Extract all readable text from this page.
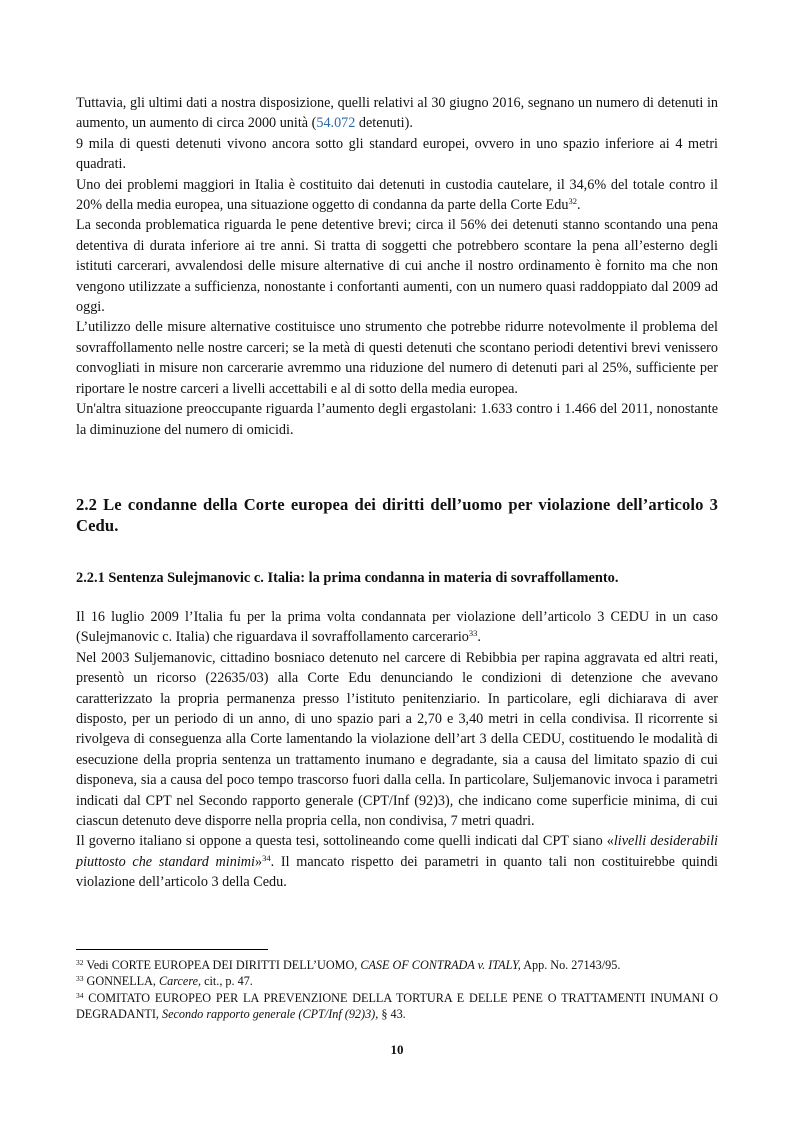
Tuttavia, gli ultimi dati a nostra disposizione, quelli relativi al 30 giugno 2016, segnano un numero di detenuti in aumento, un aumento di circa 2000 unità (54.072 detenuti).

9 mila di questi detenuti vivono ancora sotto gli standard europei, ovvero in uno spazio inferiore ai 4 metri quadrati.

Uno dei problemi maggiori in Italia è costituito dai detenuti in custodia cautelare, il 34,6% del totale contro il 20% della media europea, una situazione oggetto di condanna da parte della Corte Edu$^{32}$.

La seconda problematica riguarda le pene detentive brevi; circa il 56% dei detenuti stanno scontando una pena detentiva di durata inferiore ai tre anni. Si tratta di soggetti che potrebbero scontare la pena all’esterno degli istituti carcerari, avvalendosi delle misure alternative di cui anche il nostro ordinamento è fornito ma che non vengono utilizzate a sufficienza, nonostante i confortanti aumenti, con un numero quasi raddoppiato dal 2009 ad oggi.

L’utilizzo delle misure alternative costituisce uno strumento che potrebbe ridurre notevolmente il problema del sovraffollamento nelle nostre carceri; se la metà di questi detenuti che scontano periodi detentivi brevi venissero convogliati in misure non carcerarie avremmo una riduzione del numero di detenuti pari al 25%, sufficiente per riportare le nostre carceri a livelli accettabili e al di sotto della media europea.

Un'altra situazione preoccupante riguarda l’aumento degli ergastolani: 1.633 contro i 1.466 del 2011, nonostante la diminuzione del numero di omicidi.

2.2 Le condanne della Corte europea dei diritti dell’uomo per violazione dell’articolo 3 Cedu.
2.2.1 Sentenza Sulejmanovic c. Italia: la prima condanna in materia di sovraffollamento.

Il 16 luglio 2009 l’Italia fu per la prima volta condannata per violazione dell’articolo 3 CEDU in un caso (Sulejmanovic c. Italia) che riguardava il sovraffollamento carcerario$^{33}$.

Nel 2003 Suljemanovic, cittadino bosniaco detenuto nel carcere di Rebibbia per rapina aggravata ed altri reati, presentò un ricorso (22635/03) alla Corte Edu denunciando le condizioni di detenzione che avevano caratterizzato la propria permanenza presso l’istituto penitenziario. In particolare, egli dichiarava di aver disposto, per un periodo di un anno, di uno spazio pari a 2,70 e 3,40 metri in cella condivisa. Il ricorrente si rivolgeva di conseguenza alla Corte lamentando la violazione dell’art 3 della CEDU, costituendo le modalità di esecuzione della propria sentenza un trattamento inumano e degradante, sia a causa del limitato spazio di cui disponeva, sia a causa del poco tempo trascorso fuori dalla cella. In particolare, Suljemanovic invoca i parametri indicati dal CPT nel Secondo rapporto generale (CPT/Inf (92)3), che indicano come superficie minima, di cui ciascun detenuto deve disporre nella propria cella, non condivisa, 7 metri quadri.

Il governo italiano si oppone a questa tesi, sottolineando come quelli indicati dal CPT siano «livelli desiderabili piuttosto che standard minimi»$^{34}$. Il mancato rispetto dei parametri in quanto tali non costituirebbe quindi violazione dell’articolo 3 della Cedu.

$^{32}$ Vedi CORTE EUROPEA DEI DIRITTI DELL’UOMO, CASE OF CONTRADA v. ITALY, App. No. 27143/95.

$^{33}$ GONNELLA, Carcere, cit., p. 47.

$^{34}$ COMITATO EUROPEO PER LA PREVENZIONE DELLA TORTURA E DELLE PENE O TRATTAMENTI INUMANI O DEGRADANTI, Secondo rapporto generale (CPT/Inf (92)3), § 43.

10
